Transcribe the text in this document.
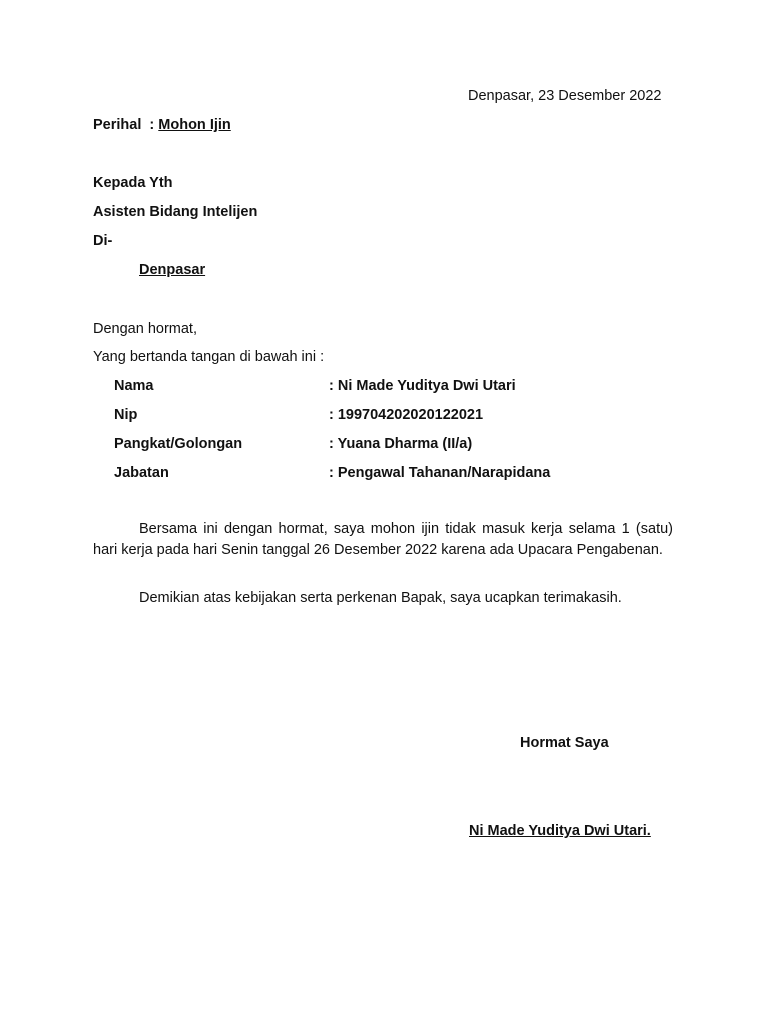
Denpasar, 23 Desember 2022
Perihal  : Mohon Ijin
Kepada Yth
Asisten Bidang Intelijen
Di-
Denpasar
Dengan hormat,
Yang bertanda tangan di bawah ini :
Nama	: Ni Made Yuditya Dwi Utari
Nip	: 199704202020122021
Pangkat/Golongan	: Yuana Dharma (II/a)
Jabatan	: Pengawal Tahanan/Narapidana
Bersama ini dengan hormat, saya mohon ijin tidak masuk kerja selama 1 (satu) hari kerja pada hari Senin tanggal 26 Desember 2022 karena ada Upacara Pengabenan.
Demikian atas kebijakan serta perkenan Bapak, saya ucapkan terimakasih.
Hormat Saya
Ni Made Yuditya Dwi Utari.
